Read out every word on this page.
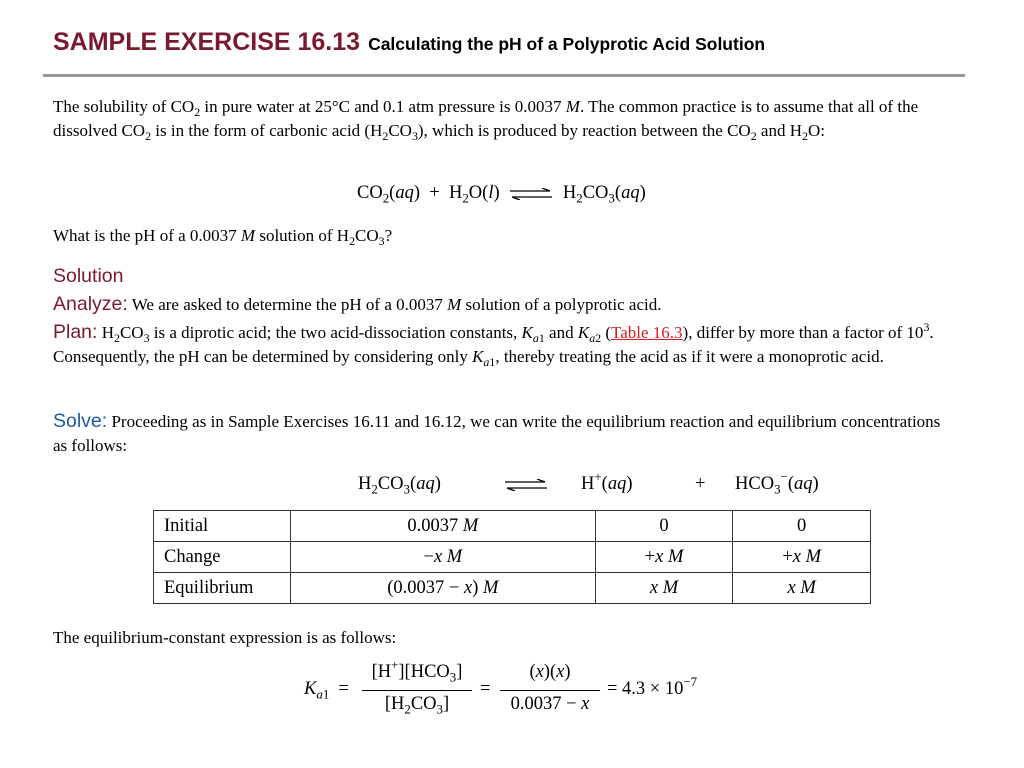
SAMPLE EXERCISE 16.13 Calculating the pH of a Polyprotic Acid Solution
The solubility of $CO_2$ in pure water at 25°C and 0.1 atm pressure is 0.0037 M. The common practice is to assume that all of the dissolved $CO_2$ is in the form of carbonic acid $(H_2CO_3)$, which is produced by reaction between the $CO_2$ and $H_2O$:
$CO_2(aq) + H_2O(l)$ ⇌ $H_2CO_3(aq)$
What is the pH of a 0.0037 M solution of $H_2CO_3$?
Solution
Analyze: We are asked to determine the pH of a 0.0037 M solution of a polyprotic acid.
Plan: $H_2CO_3$ is a diprotic acid; the two acid-dissociation constants, $K_{a1}$ and $K_{a2}$ (Table 16.3), differ by more than a factor of $10^3$. Consequently, the pH can be determined by considering only $K_{a1}$, thereby treating the acid as if it were a monoprotic acid.
Solve: Proceeding as in Sample Exercises 16.11 and 16.12, we can write the equilibrium reaction and equilibrium concentrations as follows:
$H_2CO_3(aq)$	H+(aq)	+ $HCO_3^-(aq)$
Initial	0.0037 M	0	0
Change	−x M	+x M	+x M
Equilibrium	(0.0037 − x) M	x M	x M
The equilibrium-constant expression is as follows:
$K_{a1}$  =
$[H^+][HCO_3]$
$[H_2CO_3]$
=
(x)(x)
0.0037 − x
= $4.3 \times 10^{-7}$
